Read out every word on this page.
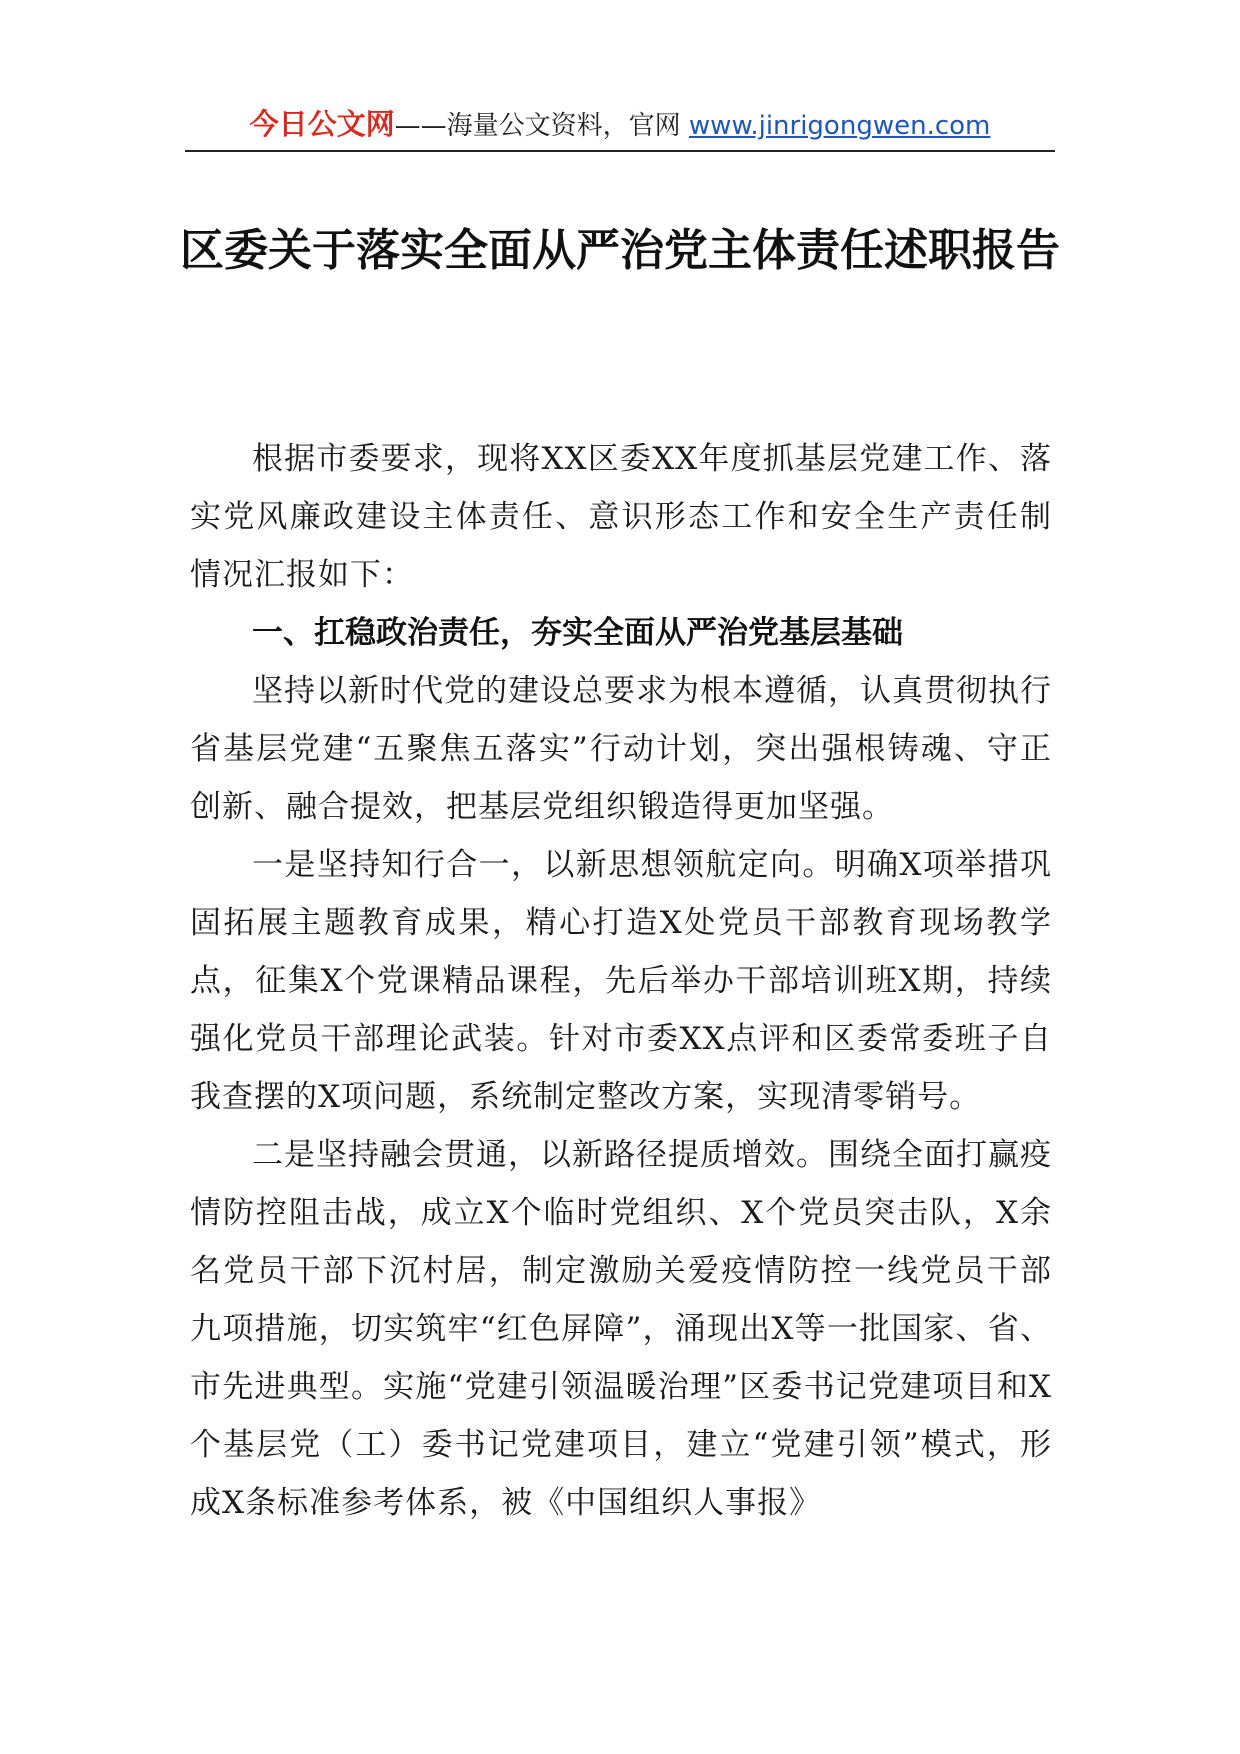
今日公文网——海量公文资料，官网 www.jinrigongwen.com
区委关于落实全面从严治党主体责任述职报告

根据市委要求，现将XX区委XX年度抓基层党建工作、落实党风廉政建设主体责任、意识形态工作和安全生产责任制情况汇报如下：

一、扛稳政治责任，夯实全面从严治党基层基础

坚持以新时代党的建设总要求为根本遵循，认真贯彻执行省基层党建“五聚焦五落实”行动计划，突出强根铸魂、守正创新、融合提效，把基层党组织锻造得更加坚强。

一是坚持知行合一，以新思想领航定向。明确X项举措巩固拓展主题教育成果，精心打造X处党员干部教育现场教学点，征集X个党课精品课程，先后举办干部培训班X期，持续强化党员干部理论武装。针对市委XX点评和区委常委班子自我查摆的X项问题，系统制定整改方案，实现清零销号。

二是坚持融会贯通，以新路径提质增效。围绕全面打赢疫情防控阻击战，成立X个临时党组织、X个党员突击队，X余名党员干部下沉村居，制定激励关爱疫情防控一线党员干部九项措施，切实筑牢“红色屏障”，涌现出X等一批国家、省、市先进典型。实施“党建引领温暖治理”区委书记党建项目和X个基层党（工）委书记党建项目，建立“党建引领”模式，形成X条标准参考体系，被《中国组织人事报》
